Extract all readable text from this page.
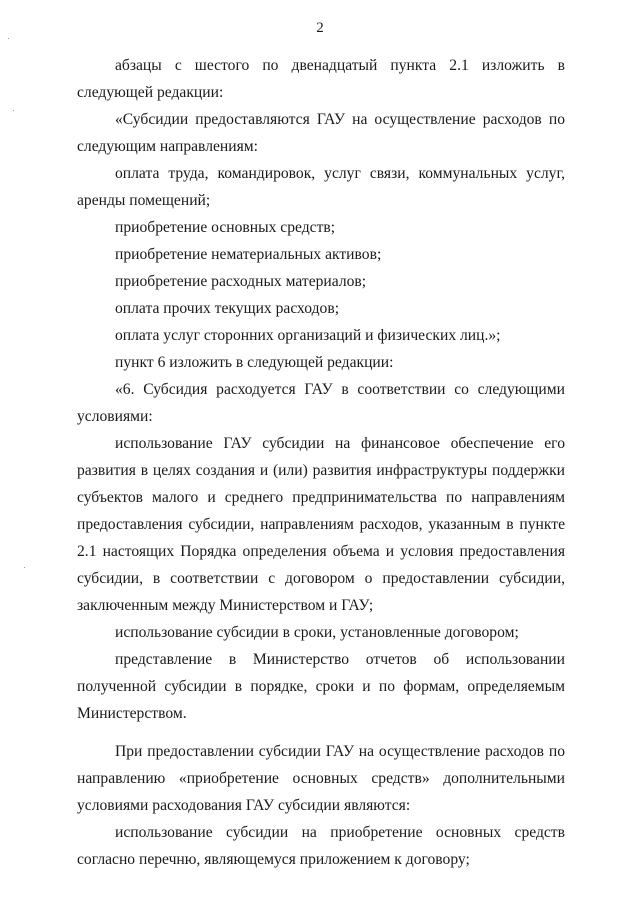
2

абзацы с шестого по двенадцатый пункта 2.1 изложить в следующей редакции:

«Субсидии предоставляются ГАУ на осуществление расходов по следующим направлениям:

оплата труда, командировок, услуг связи, коммунальных услуг, аренды помещений;

приобретение основных средств;

приобретение нематериальных активов;

приобретение расходных материалов;

оплата прочих текущих расходов;

оплата услуг сторонних организаций и физических лиц.»;

пункт 6 изложить в следующей редакции:

«6. Субсидия расходуется ГАУ в соответствии со следующими условиями:

использование ГАУ субсидии на финансовое обеспечение его развития в целях создания и (или) развития инфраструктуры поддержки субъектов малого и среднего предпринимательства по направлениям предоставления субсидии, направлениям расходов, указанным в пункте 2.1 настоящих Порядка определения объема и условия предоставления субсидии, в соответствии с договором о предоставлении субсидии, заключенным между Министерством и ГАУ;

использование субсидии в сроки, установленные договором;

представление в Министерство отчетов об использовании полученной субсидии в порядке, сроки и по формам, определяемым Министерством.

При предоставлении субсидии ГАУ на осуществление расходов по направлению «приобретение основных средств» дополнительными условиями расходования ГАУ субсидии являются:

использование субсидии на приобретение основных средств согласно перечню, являющемуся приложением к договору;
